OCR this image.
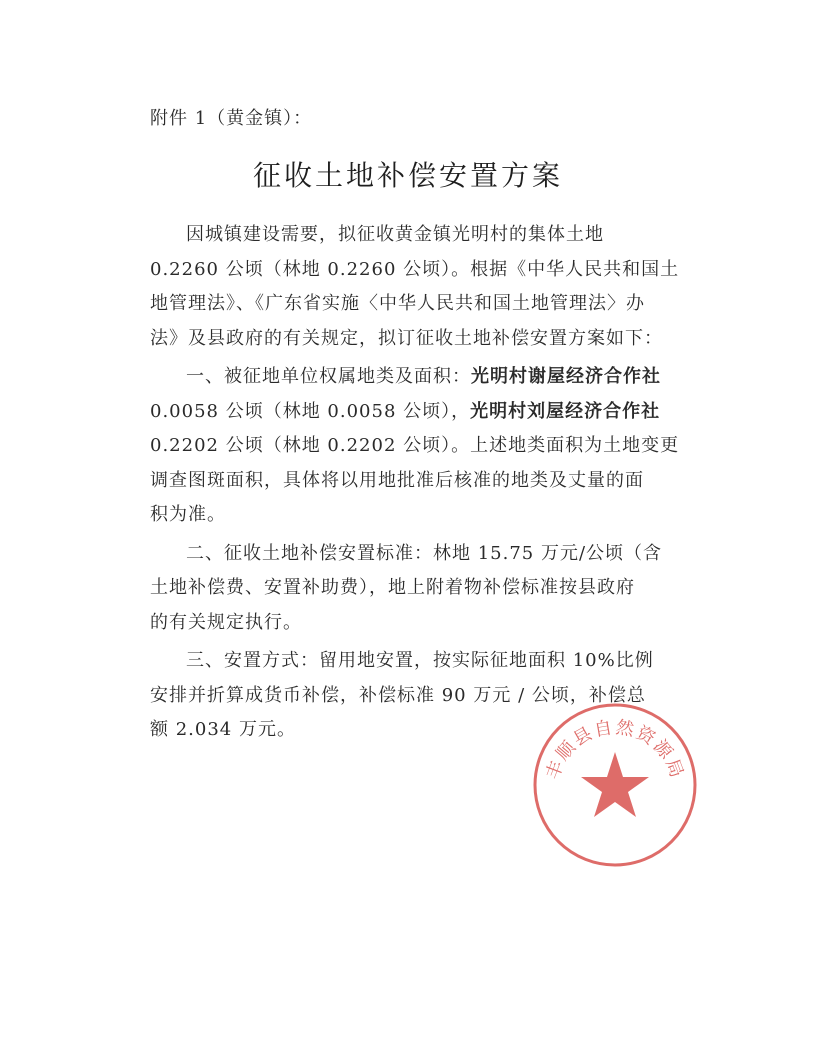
附件 1（黄金镇）：
征收土地补偿安置方案
因城镇建设需要，拟征收黄金镇光明村的集体土地
0.2260 公顷（林地 0.2260 公顷）。根据《中华人民共和国土
地管理法》、《广东省实施〈中华人民共和国土地管理法〉办
法》及县政府的有关规定，拟订征收土地补偿安置方案如下：
一、被征地单位权属地类及面积：光明村谢屋经济合作社
0.0058 公顷（林地 0.0058 公顷），光明村刘屋经济合作社
0.2202 公顷（林地 0.2202 公顷）。上述地类面积为土地变更
调查图斑面积，具体将以用地批准后核准的地类及丈量的面
积为准。
二、征收土地补偿安置标准：林地 15.75 万元/公顷（含
土地补偿费、安置补助费），地上附着物补偿标准按县政府
的有关规定执行。
三、安置方式：留用地安置，按实际征地面积 10%比例
安排并折算成货币补偿，补偿标准 90 万元 / 公顷，补偿总
额 2.034 万元。
丰顺县自然资源局
